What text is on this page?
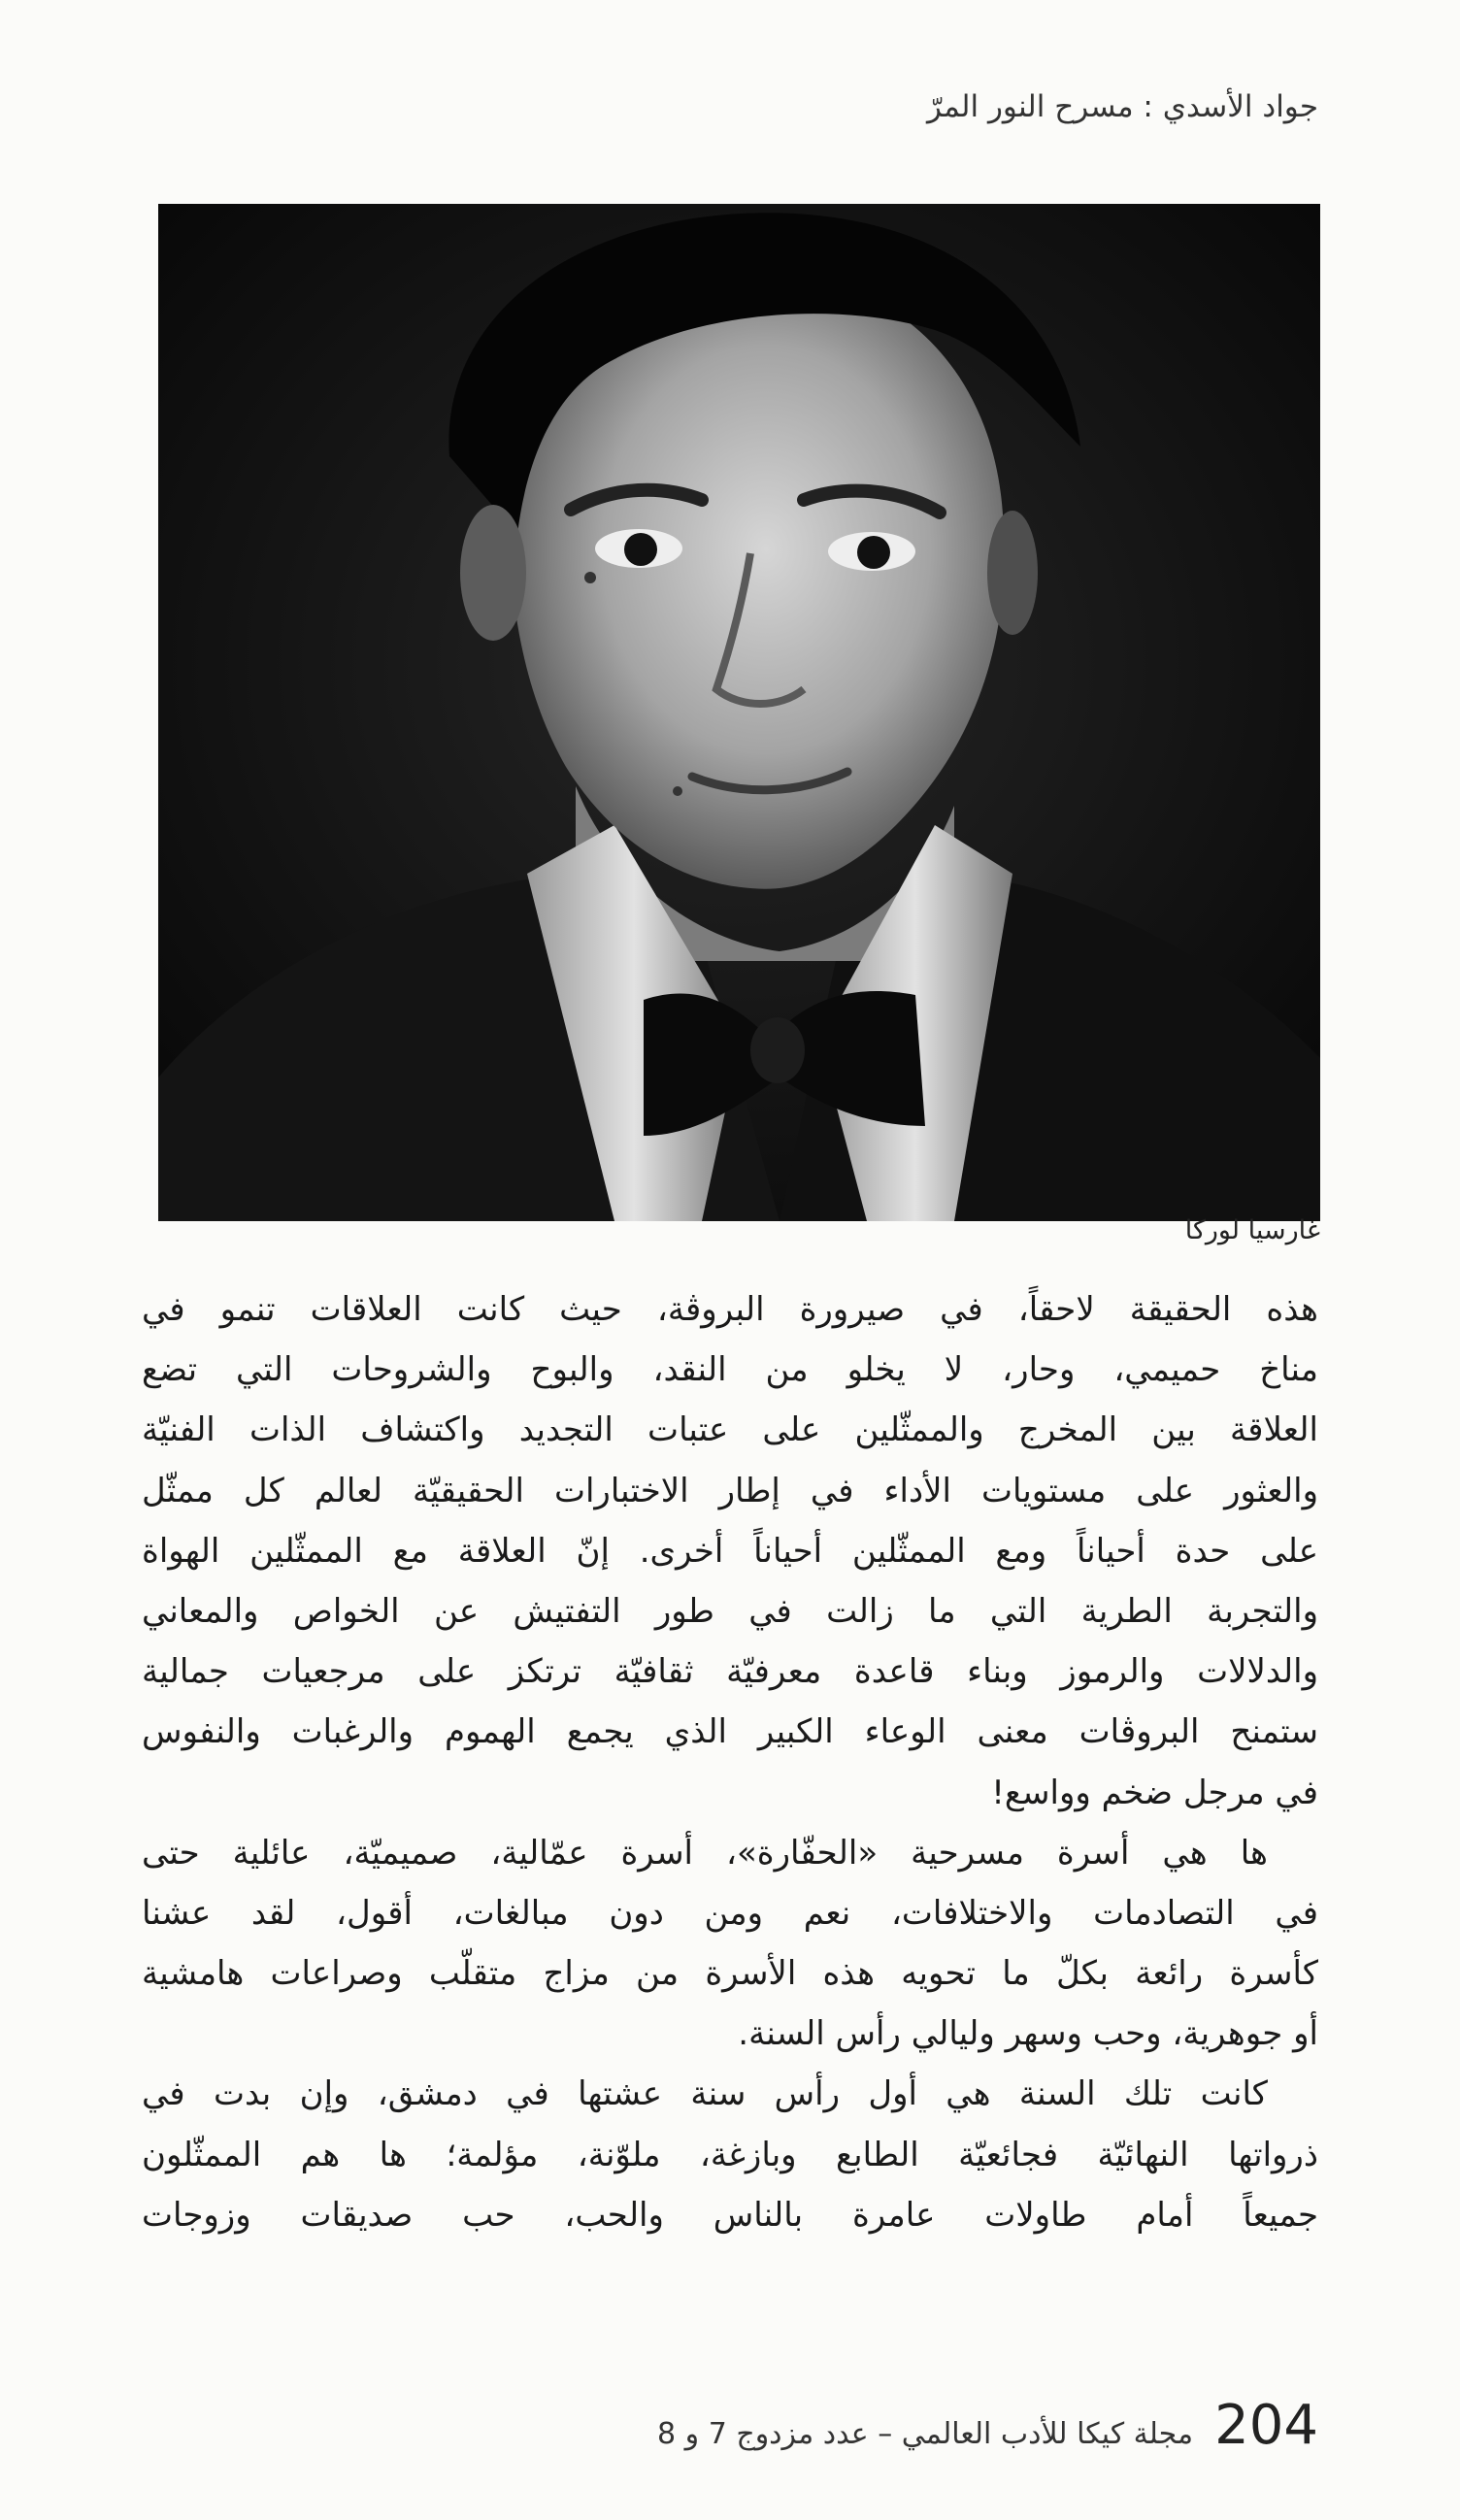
جواد الأسدي : مسرح النور المرّ
غارسيا لوركا
هذه الحقيقة لاحقاً، في صيرورة البروڤة، حيث كانت العلاقات تنمو في
مناخ حميمي، وحار، لا يخلو من النقد، والبوح والشروحات التي تضع
العلاقة بين المخرج والممثّلين على عتبات التجديد واكتشاف الذات الفنيّة
والعثور على مستويات الأداء في إطار الاختبارات الحقيقيّة لعالم كل ممثّل
على حدة أحياناً ومع الممثّلين أحياناً أخرى. إنّ العلاقة مع الممثّلين الهواة
والتجربة الطرية التي ما زالت في طور التفتيش عن الخواص والمعاني
والدلالات والرموز وبناء قاعدة معرفيّة ثقافيّة ترتكز على مرجعيات جمالية
ستمنح البروڤات معنى الوعاء الكبير الذي يجمع الهموم والرغبات والنفوس
في مرجل ضخم وواسع!
ها هي أسرة مسرحية «الحفّارة»، أسرة عمّالية، صميميّة، عائلية حتى
في التصادمات والاختلافات، نعم ومن دون مبالغات، أقول، لقد عشنا
كأسرة رائعة بكلّ ما تحويه هذه الأسرة من مزاج متقلّب وصراعات هامشية
أو جوهرية، وحب وسهر وليالي رأس السنة.
كانت تلك السنة هي أول رأس سنة عشتها في دمشق، وإن بدت في
ذرواتها النهائيّة فجائعيّة الطابع وبازغة، ملوّنة، مؤلمة؛ ها هم الممثّلون
جميعاً أمام طاولات عامرة بالناس والحب، حب صديقات وزوجات
204
مجلة كيكا للأدب العالمي – عدد مزدوج 7 و 8
